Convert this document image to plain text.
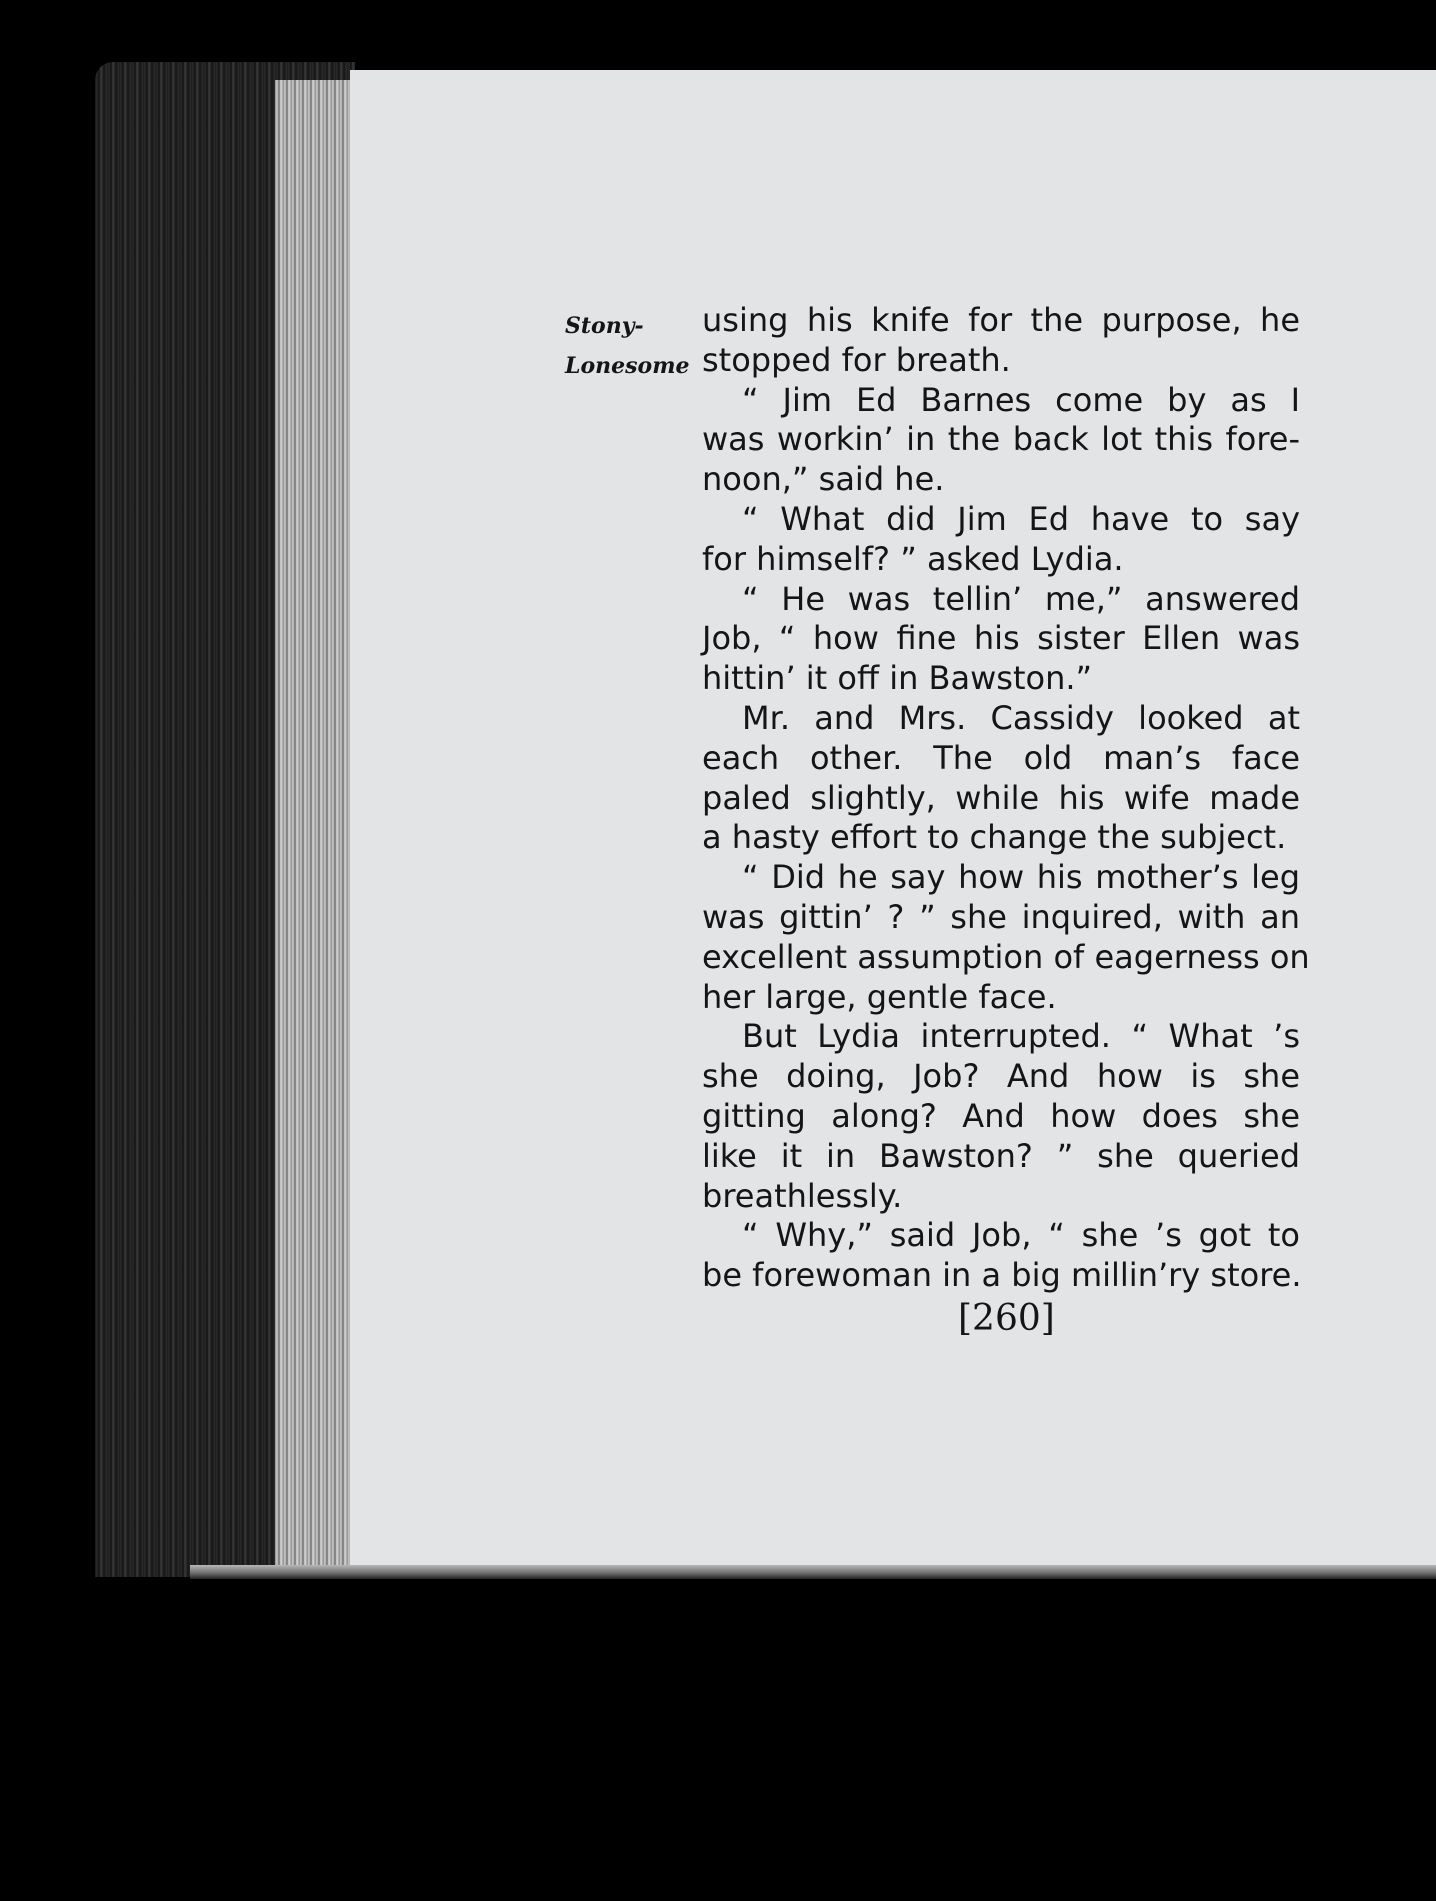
Stony-
Lonesome
using his knife for the purpose, he
stopped for breath.
“ Jim Ed Barnes come by as I
was workin’ in the back lot this fore-
noon,” said he.
“ What did Jim Ed have to say
for himself? ” asked Lydia.
“ He was tellin’ me,” answered
Job, “ how fine his sister Ellen was
hittin’ it off in Bawston.”
Mr. and Mrs. Cassidy looked at
each other. The old man’s face
paled slightly, while his wife made
a hasty effort to change the subject.
“ Did he say how his mother’s leg
was gittin’ ? ” she inquired, with an
excellent assumption of eagerness on
her large, gentle face.
But Lydia interrupted. “ What ’s
she doing, Job? And how is she
gitting along? And how does she
like it in Bawston? ” she queried
breathlessly.
“ Why,” said Job, “ she ’s got to
be forewoman in a big millin’ry store.
[260]
